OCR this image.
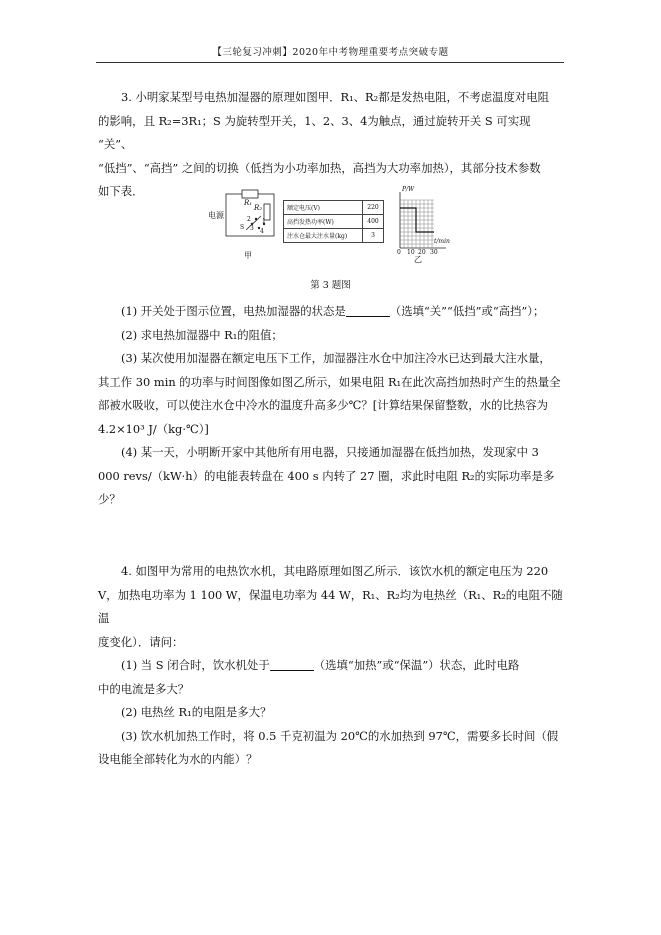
【三轮复习冲刺】2020年中考物理重要考点突破专题

3. 小明家某型号电热加湿器的原理如图甲．R₁、R₂都是发热电阻，不考虑温度对电阻

的影响，且 R₂=3R₁；S 为旋转型开关，1、2、3、4为触点，通过旋转开关 S 可实现 “关”、

“低挡”、“高挡” 之间的切换（低挡为小功率加热，高挡为大功率加热），其部分技术参数

如下表．

电源
R₁
R₂
1
2
3 4
S
甲
P/W
t/min
0 10 20 30
乙
额定电压(V)	220
高挡发热功率(W)	400
注水仓最大注水量(kg)	3
第 3 题图

(1) 开关处于图示位置，电热加湿器的状态是	（选填“关”“低挡”或“高挡”）；

(2) 求电热加湿器中 R₁的阻值；

(3) 某次使用加湿器在额定电压下工作，加湿器注水仓中加注冷水已达到最大注水量，

其工作 30 min 的功率与时间图像如图乙所示，如果电阻 R₁在此次高挡加热时产生的热量全

部被水吸收，可以使注水仓中冷水的温度升高多少℃？[计算结果保留整数，水的比热容为

4.2×10³ J/（kg·℃）]

(4) 某一天，小明断开家中其他所有用电器，只接通加湿器在低挡加热，发现家中 3

000 revs/（kW·h）的电能表转盘在 400 s 内转了 27 圈，求此时电阻 R₂的实际功率是多少？

4. 如图甲为常用的电热饮水机，其电路原理如图乙所示．该饮水机的额定电压为 220

V，加热电功率为 1 100 W，保温电功率为 44 W，R₁、R₂均为电热丝（R₁、R₂的电阻不随温

度变化）．请问：

(1) 当 S 闭合时，饮水机处于	（选填“加热”或“保温”）状态，此时电路

中的电流是多大？

(2) 电热丝 R₁的电阻是多大？

(3) 饮水机加热工作时，将 0.5 千克初温为 20℃的水加热到 97℃，需要多长时间（假

设电能全部转化为水的内能）？
